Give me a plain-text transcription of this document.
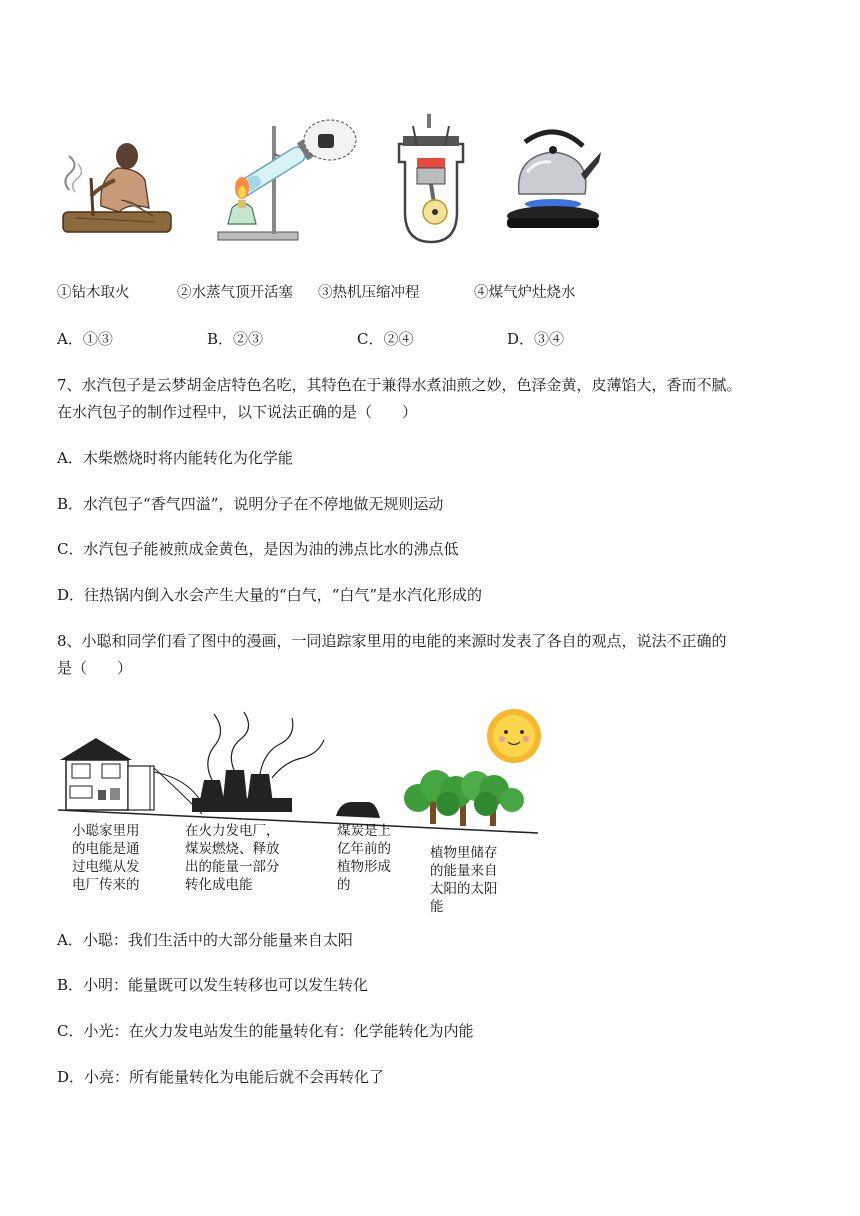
①钻木取火	②水蒸气顶开活塞 ③热机压缩冲程	④煤气炉灶烧水
A．①③	B．②③	C．②④	D．③④
7、水汽包子是云梦胡金店特色名吃，其特色在于兼得水煮油煎之妙，色泽金黄，皮薄馅大，香而不腻。
在水汽包子的制作过程中，以下说法正确的是（　　）
A．木柴燃烧时将内能转化为化学能
B．水汽包子“香气四溢”，说明分子在不停地做无规则运动
C．水汽包子能被煎成金黄色，是因为油的沸点比水的沸点低
D．往热锅内倒入水会产生大量的“白气，“白气”是水汽化形成的
8、小聪和同学们看了图中的漫画，一同追踪家里用的电能的来源时发表了各自的观点，说法不正确的
是（　　）
小聪家里用
的电能是通
过电缆从发
电厂传来的
在火力发电厂，
煤炭燃烧、释放
出的能量一部分
转化成电能
煤炭是上
亿年前的
植物形成
的
植物里储存
的能量来自
太阳的太阳
能
A．小聪：我们生活中的大部分能量来自太阳
B．小明：能量既可以发生转移也可以发生转化
C．小光：在火力发电站发生的能量转化有：化学能转化为内能
D．小亮：所有能量转化为电能后就不会再转化了
